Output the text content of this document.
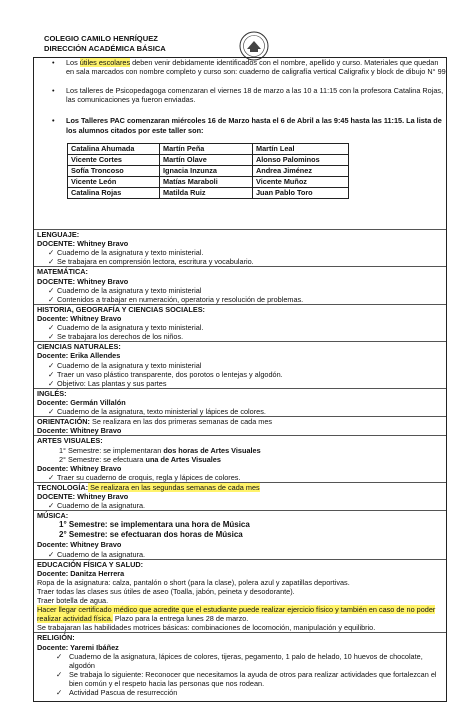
COLEGIO CAMILO HENRÍQUEZ
DIRECCIÓN ACADÉMICA BÁSICA
• Los útiles escolares deben venir debidamente identificados con el nombre, apellido y curso. Materiales que quedan en sala marcados con nombre completo y curso son: cuaderno de caligrafía vertical Caligrafix y block de dibujo N° 99
• Los talleres de Psicopedagoga comenzaran el viernes 18 de marzo a las 10 a 11:15 con la profesora Catalina Rojas, las comunicaciones ya fueron enviadas.
• Los Talleres PAC comenzaran miércoles 16 de Marzo hasta el 6 de Abril a las 9:45 hasta las 11:15. La lista de los alumnos citados por este taller son:
Catalina Ahumada	Martín Peña	Martín Leal
Vicente Cortes	Martín Olave	Alonso Palominos
Sofía Troncoso	Ignacia Inzunza	Andrea Jiménez
Vicente León	Matías Maraboli	Vicente Muñoz
Catalina Rojas	Matilda Ruiz	Juan Pablo Toro
LENGUAJE:
DOCENTE: Whitney Bravo
✓ Cuaderno de la asignatura y texto ministerial.
✓ Se trabajara en comprensión lectora, escritura y vocabulario.
MATEMÁTICA:
DOCENTE: Whitney Bravo
✓ Cuaderno de la asignatura y texto ministerial
✓ Contenidos a trabajar en numeración, operatoria y resolución de problemas.
HISTORIA, GEOGRAFÍA Y CIENCIAS SOCIALES:
Docente: Whitney Bravo
✓ Cuaderno de la asignatura y texto ministerial.
✓ Se trabajara los derechos de los niños.
CIENCIAS NATURALES:
Docente: Erika Allendes
✓ Cuaderno de la asignatura y texto ministerial
✓ Traer un vaso plástico transparente, dos porotos o lentejas y algodón.
✓ Objetivo: Las plantas y sus partes
INGLÉS:
Docente: Germán Villalón
✓ Cuaderno de la asignatura, texto ministerial y lápices de colores.
ORIENTACIÓN: Se realizara en las dos primeras semanas de cada mes
Docente: Whitney Bravo
ARTES VISUALES:
1° Semestre: se implementaran dos horas de Artes Visuales
2° Semestre: se efectuara una de Artes Visuales
Docente: Whitney Bravo
✓ Traer su cuaderno de croquis, regla y lápices de colores.
TECNOLOGÍA: Se realizara en las segundas semanas de cada mes
DOCENTE: Whitney Bravo
✓ Cuaderno de la asignatura.
MÚSICA:
1° Semestre: se implementara una hora de Música
2° Semestre: se efectuaran dos horas de Música
Docente: Whitney Bravo
✓ Cuaderno de la asignatura.
EDUCACIÓN FÍSICA Y SALUD:
Docente: Danitza Herrera
Ropa de la asignatura: calza, pantalón o short (para la clase), polera azul y zapatillas deportivas.
Traer todas las clases sus útiles de aseo (Toalla, jabón, peineta y desodorante).
Traer botella de agua.
Hacer llegar certificado médico que acredite que el estudiante puede realizar ejercicio físico y también en caso de no poder realizar actividad física. Plazo para la entrega lunes 28 de marzo.
Se trabajaran las habilidades motrices básicas: combinaciones de locomoción, manipulación y equilibrio.
RELIGIÓN:
Docente: Yaremi Ibáñez
✓ Cuaderno de la asignatura, lápices de colores, tijeras, pegamento, 1 palo de helado, 10 huevos de chocolate, algodón
✓ Se trabaja lo siguiente: Reconocer que necesitamos la ayuda de otros para realizar actividades que fortalezcan el bien común y el respeto hacia las personas que nos rodean.
✓ Actividad Pascua de resurrección
